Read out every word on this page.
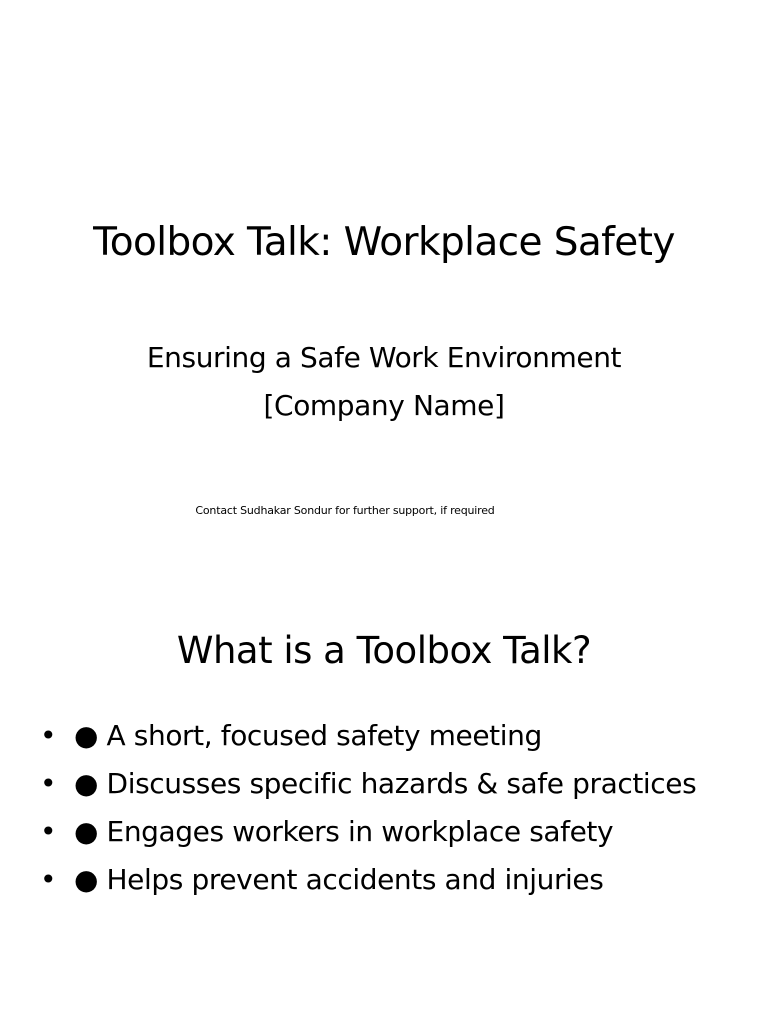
Toolbox Talk: Workplace Safety
Ensuring a Safe Work Environment
[Company Name]
Contact Sudhakar Sondur for further support, if required
What is a Toolbox Talk?
• ● A short, focused safety meeting
• ● Discusses specific hazards & safe practices
• ● Engages workers in workplace safety
• ● Helps prevent accidents and injuries
